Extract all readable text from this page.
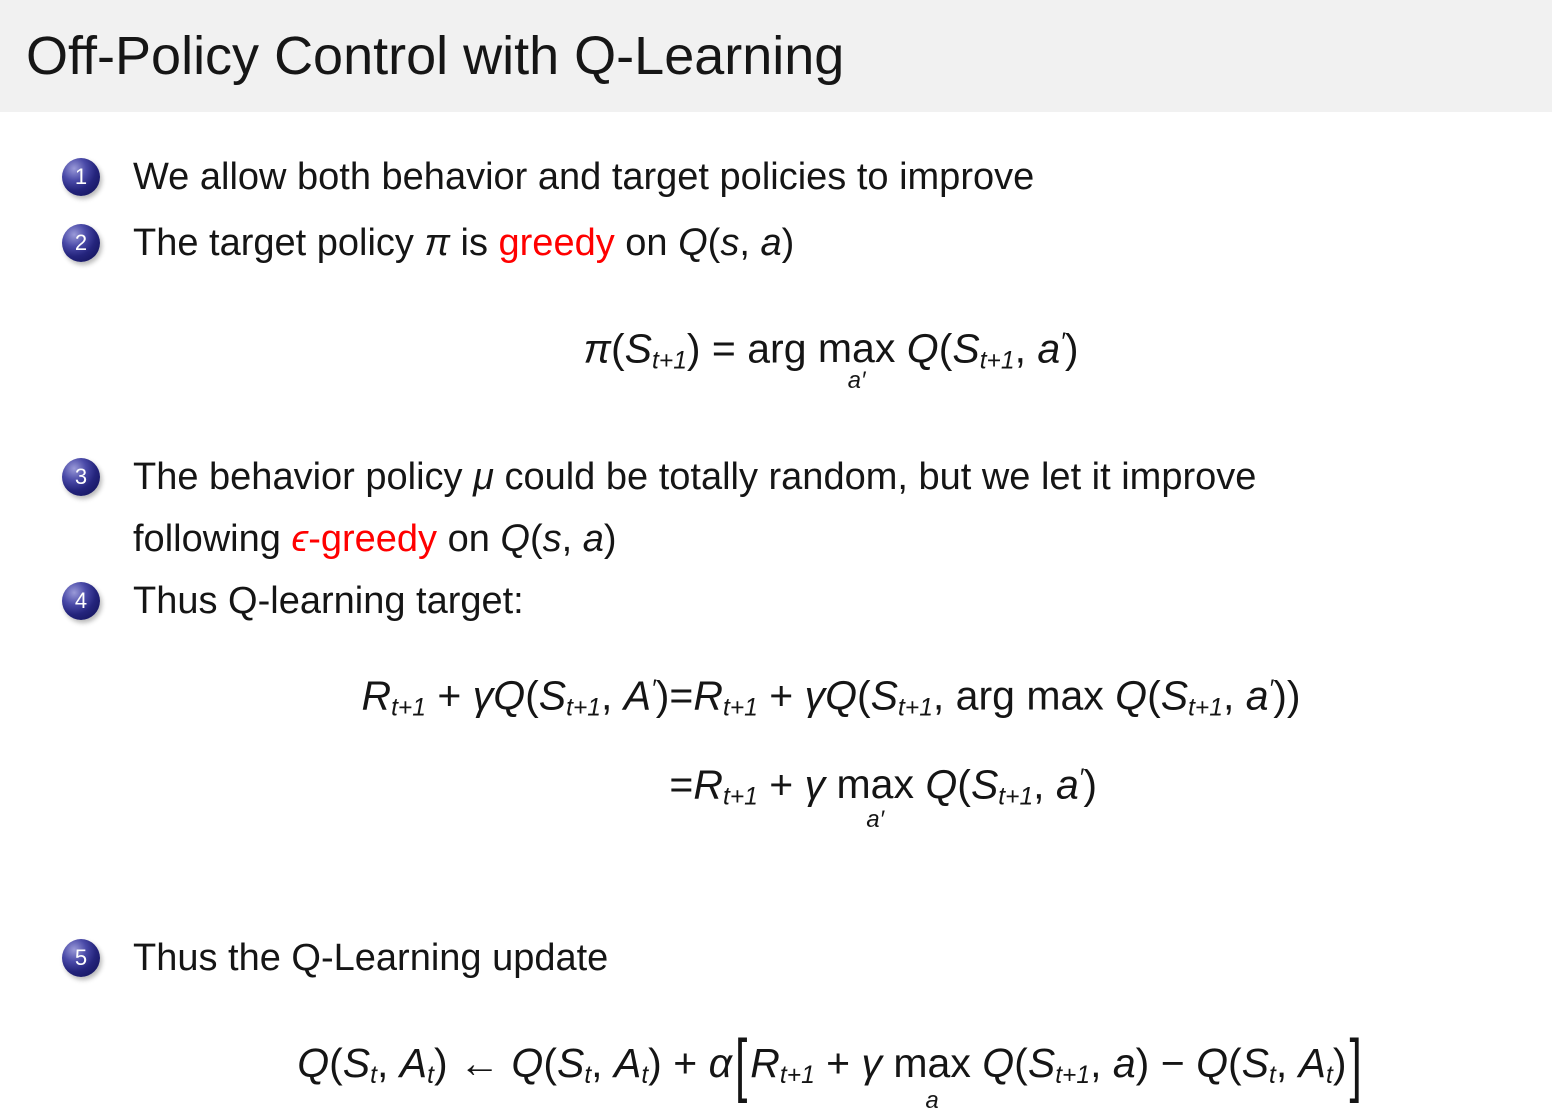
Off-Policy Control with Q-Learning
1	We allow both behavior and target policies to improve
2	The target policy π is greedy on Q(s, a)
π(St+1) = arg max
a′
Q(St+1, a′)
3	The behavior policy μ could be totally random, but we let it improve
following ϵ-greedy on Q(s, a)
4	Thus Q-learning target:
Rt+1 + γQ(St+1, A′) =Rt+1 + γQ(St+1, arg max Q(St+1, a′))
=Rt+1 + γ max
a′
Q(St+1, a′)
5	Thus the Q-Learning update
Q(St, At) ← Q(St, At) + α[Rt+1 + γ max
a
Q(St+1, a) − Q(St, At)]
